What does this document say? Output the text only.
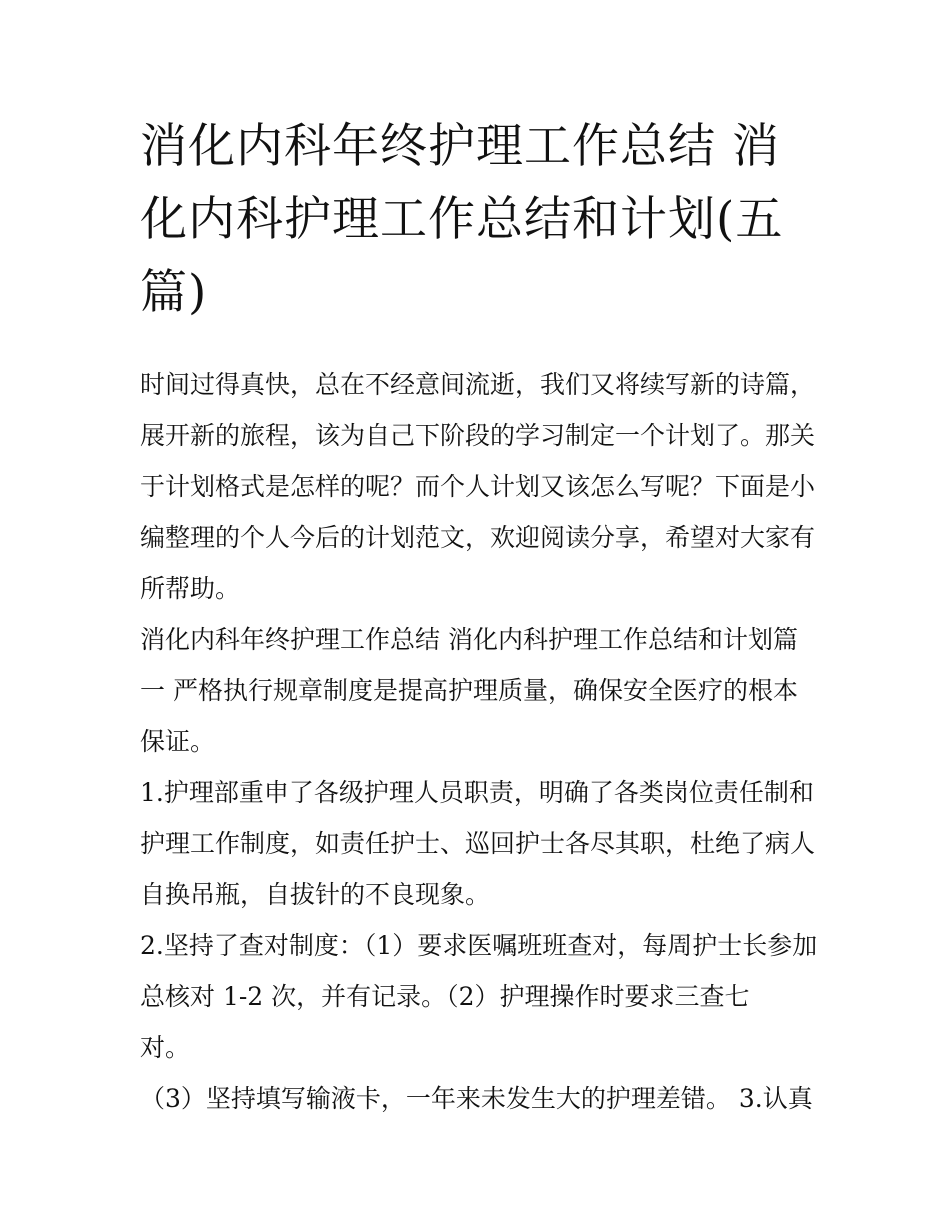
消化内科年终护理工作总结 消化内科护理工作总结和计划(五篇)

时间过得真快，总在不经意间流逝，我们又将续写新的诗篇，展开新的旅程，该为自己下阶段的学习制定一个计划了。那关于计划格式是怎样的呢？而个人计划又该怎么写呢？下面是小编整理的个人今后的计划范文，欢迎阅读分享，希望对大家有所帮助。

消化内科年终护理工作总结 消化内科护理工作总结和计划篇一 严格执行规章制度是提高护理质量，确保安全医疗的根本保证。

1.护理部重申了各级护理人员职责，明确了各类岗位责任制和护理工作制度，如责任护士、巡回护士各尽其职，杜绝了病人自换吊瓶，自拔针的不良现象。

2.坚持了查对制度：（1）要求医嘱班班查对，每周护士长参加总核对 1-2 次，并有记录。（2）护理操作时要求三查七
对。

（3）坚持填写输液卡，一年来未发生大的护理差错。 3.认真
